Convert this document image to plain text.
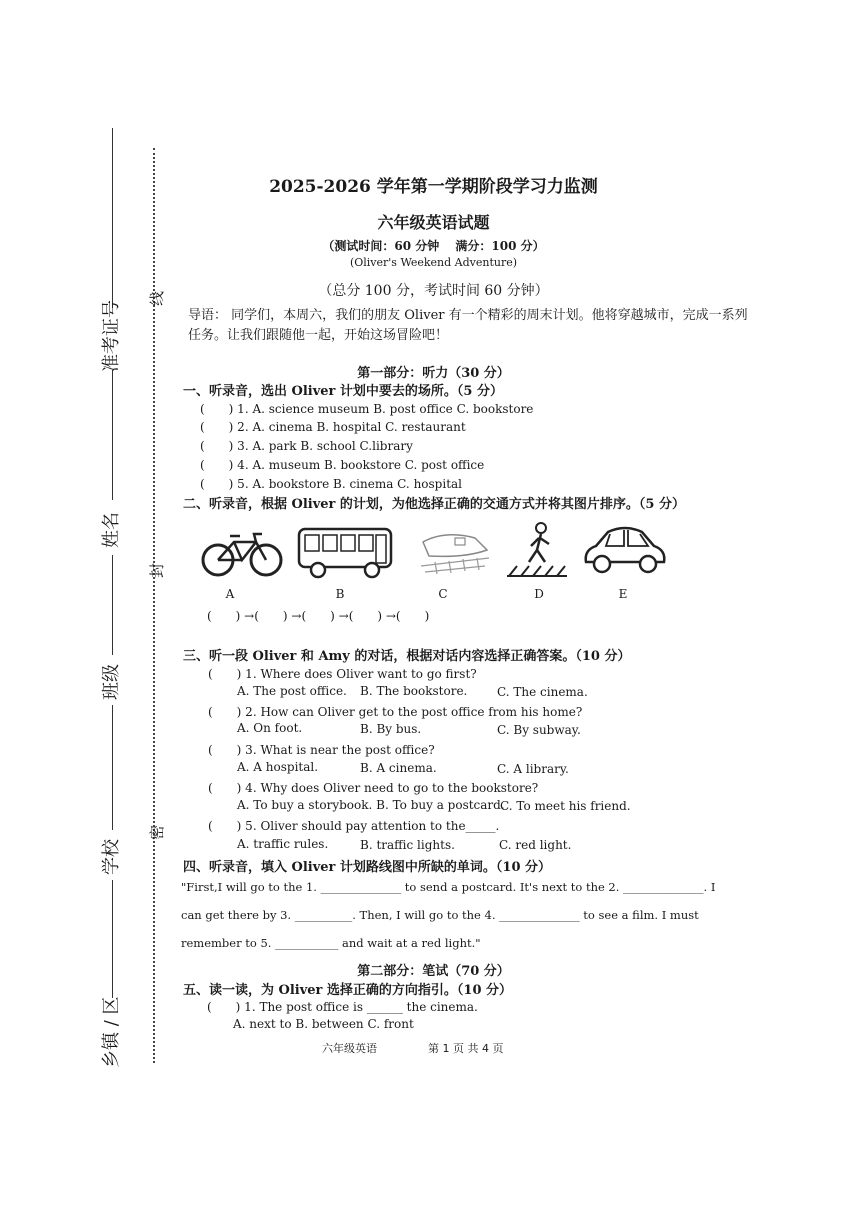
准考证号
姓名
班级
学校
乡镇 / 区
线
封
密
2025-2026 学年第一学期阶段学习力监测
六年级英语试题
（测试时间：60 分钟　 满分：100 分）
(Oliver's Weekend Adventure)
（总分 100 分，考试时间 60 分钟）
导语： 同学们，本周六，我们的朋友 Oliver 有一个精彩的周末计划。他将穿越城市，完成一系列任务。让我们跟随他一起，开始这场冒险吧！
第一部分：听力（30 分）
一、听录音，选出 Oliver 计划中要去的场所。（5 分）
(　　) 1. A. science museum B. post office C. bookstore
(　　) 2. A. cinema B. hospital C. restaurant
(　　) 3. A. park B. school C.library
(　　) 4. A. museum B. bookstore C. post office
(　　) 5. A. bookstore B. cinema C. hospital
二、听录音，根据 Oliver 的计划，为他选择正确的交通方式并将其图片排序。（5 分）
A	B	C	D	E
(　　) →(　　) →(　　) →(　　) →(　　)
三、听一段 Oliver 和 Amy 的对话，根据对话内容选择正确答案。（10 分）
(　　) 1. Where does Oliver want to go first?
A. The post office. B. The bookstore. C. The cinema.
(　　) 2. How can Oliver get to the post office from his home?
A. On foot.	B. By bus.	C. By subway.
(　　) 3. What is near the post office?
A. A hospital.	B. A cinema.	C. A library.
(　　) 4. Why does Oliver need to go to the bookstore?
A. To buy a storybook. B. To buy a postcard.
C. To meet his friend.
(　　) 5. Oliver should pay attention to the_____.
A. traffic rules.	B. traffic lights.	C. red light.
四、听录音，填入 Oliver 计划路线图中所缺的单词。（10 分）
"First,I will go to the 1. ______________ to send a postcard. It's next to the 2. ______________. I
can get there by 3. __________. Then, I will go to the 4. ______________ to see a film. I must
remember to 5. ___________ and wait at a red light."
第二部分：笔试（70 分）
五、读一读，为 Oliver 选择正确的方向指引。（10 分）
(　　) 1. The post office is ______ the cinema.
A. next to B. between C. front
六年级英语	第 1 页 共 4 页
